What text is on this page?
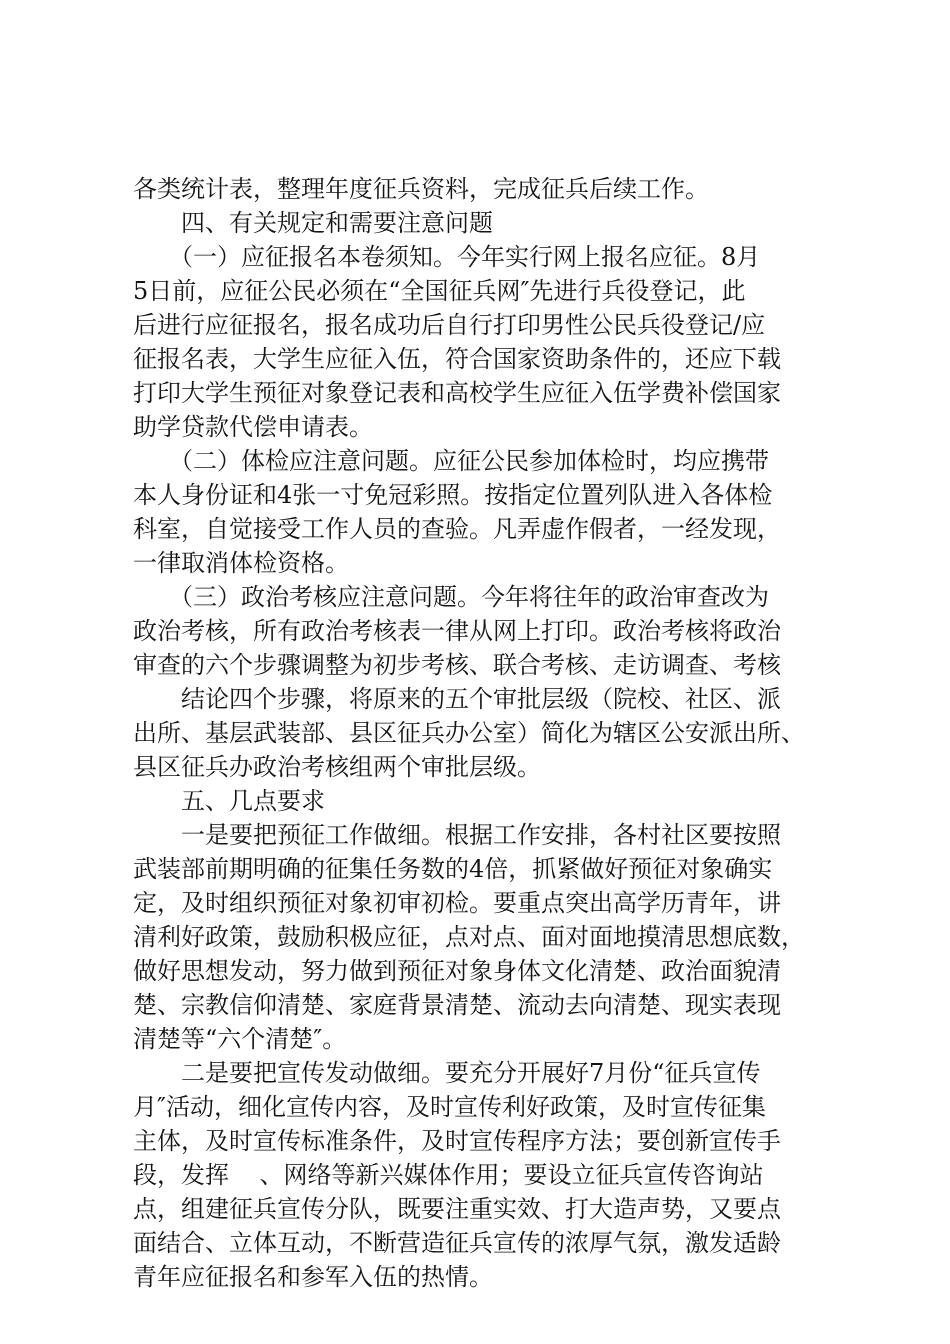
各类统计表，整理年度征兵资料，完成征兵后续工作。
四、有关规定和需要注意问题
（一）应征报名本卷须知。今年实行网上报名应征。8月
5日前，应征公民必须在“全国征兵网″先进行兵役登记，此
后进行应征报名，报名成功后自行打印男性公民兵役登记/应
征报名表，大学生应征入伍，符合国家资助条件的，还应下载
打印大学生预征对象登记表和高校学生应征入伍学费补偿国家
助学贷款代偿申请表。
（二）体检应注意问题。应征公民参加体检时，均应携带
本人身份证和4张一寸免冠彩照。按指定位置列队进入各体检
科室，自觉接受工作人员的查验。凡弄虚作假者，一经发现，
一律取消体检资格。
（三）政治考核应注意问题。今年将往年的政治审查改为
政治考核，所有政治考核表一律从网上打印。政治考核将政治
审查的六个步骤调整为初步考核、联合考核、走访调查、考核
结论四个步骤，将原来的五个审批层级（院校、社区、派
出所、基层武装部、县区征兵办公室）简化为辖区公安派出所、
县区征兵办政治考核组两个审批层级。
五、几点要求
一是要把预征工作做细。根据工作安排，各村社区要按照
武装部前期明确的征集任务数的4倍，抓紧做好预征对象确实
定，及时组织预征对象初审初检。要重点突出高学历青年，讲
清利好政策，鼓励积极应征，点对点、面对面地摸清思想底数，
做好思想发动，努力做到预征对象身体文化清楚、政治面貌清
楚、宗教信仰清楚、家庭背景清楚、流动去向清楚、现实表现
清楚等“六个清楚″。
二是要把宣传发动做细。要充分开展好7月份“征兵宣传
月″活动，细化宣传内容，及时宣传利好政策，及时宣传征集
主体，及时宣传标准条件，及时宣传程序方法；要创新宣传手
段，发挥    、网络等新兴媒体作用；要设立征兵宣传咨询站
点，组建征兵宣传分队，既要注重实效、打大造声势，又要点
面结合、立体互动，不断营造征兵宣传的浓厚气氛，激发适龄
青年应征报名和参军入伍的热情。
